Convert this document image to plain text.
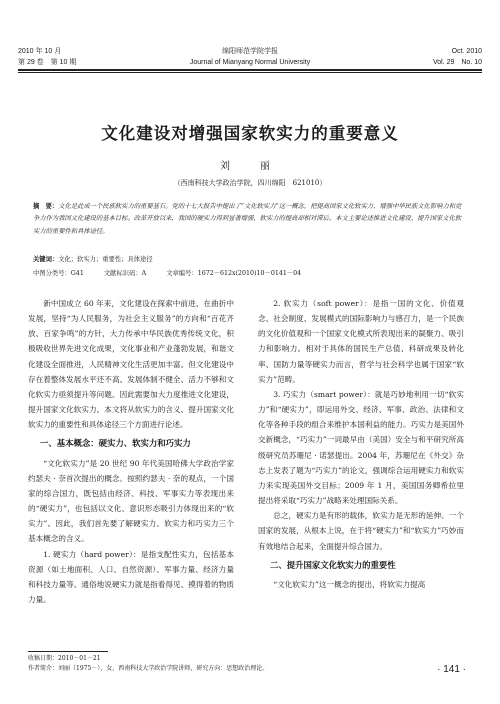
2010 年 10 月
第 29 卷　第 10 期
绵阳师范学院学报
Journal of Mianyang Normal University
Oct. 2010
Vol. 29　No. 10
文化建设对增强国家软实力的重要意义
刘　丽
（西南科技大学政治学院，四川绵阳　621010）
摘　要：文化是此成一个民族软实力的重要基石。党的十七大报告中提出了“文化软实力”这一概念，把提高国家文化软实力、增强中华民族文化影响力和竞争力作为我国文化建设的基本目标。改革开放以来，我国的硬实力得到显著增强，软实力的提高却相对滞后。本文主要论述推进文化建设、提升国家文化软实力的重要性和具体途径。
关键词：文化；软实力；重要性；具体途径
中图分类号：G41	文献标识码：A	文章编号：1672－612x(2010)10－0141－04

新中国成立 60 年来，文化建设在探索中前进、在曲折中发展，坚持“为人民服务，为社会主义服务”的方向和“百花齐放、百家争鸣”的方针，大力传承中华民族优秀传统文化，积极吸收世界先进文化成果，文化事业和产业蓬勃发展，和谐文化建设全面推进，人民精神文化生活更加丰富。但文化建设中存在着整体发展水平还不高、发展体制不健全、活力不够和文化软实力亟须提升等问题。因此需要加大力度推进文化建设，提升国家文化软实力。本文将从软实力的含义、提升国家文化软实力的重要性和具体途径三个方面进行论述。

一、基本概念：硬实力、软实力和巧实力

“文化软实力”是 20 世纪 90 年代美国哈佛大学政治学家约瑟夫 · 奈首次提出的概念。按照约瑟夫 · 奈的观点，一个国家的综合国力，既包括由经济、科技、军事实力等表现出来的“硬实力”，也包括以文化、意识形态吸引力体现出来的“软实力”。因此，我们首先要了解硬实力、软实力和巧实力三个基本概念的含义。

1. 硬实力（hard power）：是指支配性实力，包括基本资源（如土地面积、人口、自然资源）、军事力量、经济力量和科技力量等。通俗地说硬实力就是指看得见、摸得着的物质力量。

2. 软实力（soft power）：是指一国的文化、价值观念、社会制度、发展模式的国际影响力与感召力，是一个民族的文化价值观和一个国家文化模式所表现出来的凝聚力、吸引力和影响力。相对于具体的国民生产总值、科研成果及转化率、国防力量等硬实力而言，哲学与社会科学也属于国家“软实力”范畴。

3. 巧实力（smart power）：就是巧妙地利用一切“软实力”和“硬实力”，即运用外交、经济、军事、政治、法律和文化等各种手段的组合来维护本国利益的能力。巧实力是美国外交新概念，“巧实力”一词最早由（美国）安全与和平研究所高级研究员苏珊尼 · 诺瑟提出。2004 年，苏珊尼在《外交》杂志上发表了题为“巧实力”的论文，强调综合运用硬实力和软实力来实现美国外交目标；2009 年 1 月，美国国务卿希拉里提出将采取“巧实力”战略来处理国际关系。

总之，硬实力是有形的载体，软实力是无形的延伸。一个国家的发展，从根本上说，在于将“硬实力”和“软实力”巧妙而有效地结合起来，全面提升综合国力。

二、提升国家文化软实力的重要性

“文化软实力”这一概念的提出，将软实力提高

收稿日期：2010－01－21
作者简介：刘丽（1975－），女，西南科技大学政治学院讲师，研究方向：思想政治理论。	· 141 ·
